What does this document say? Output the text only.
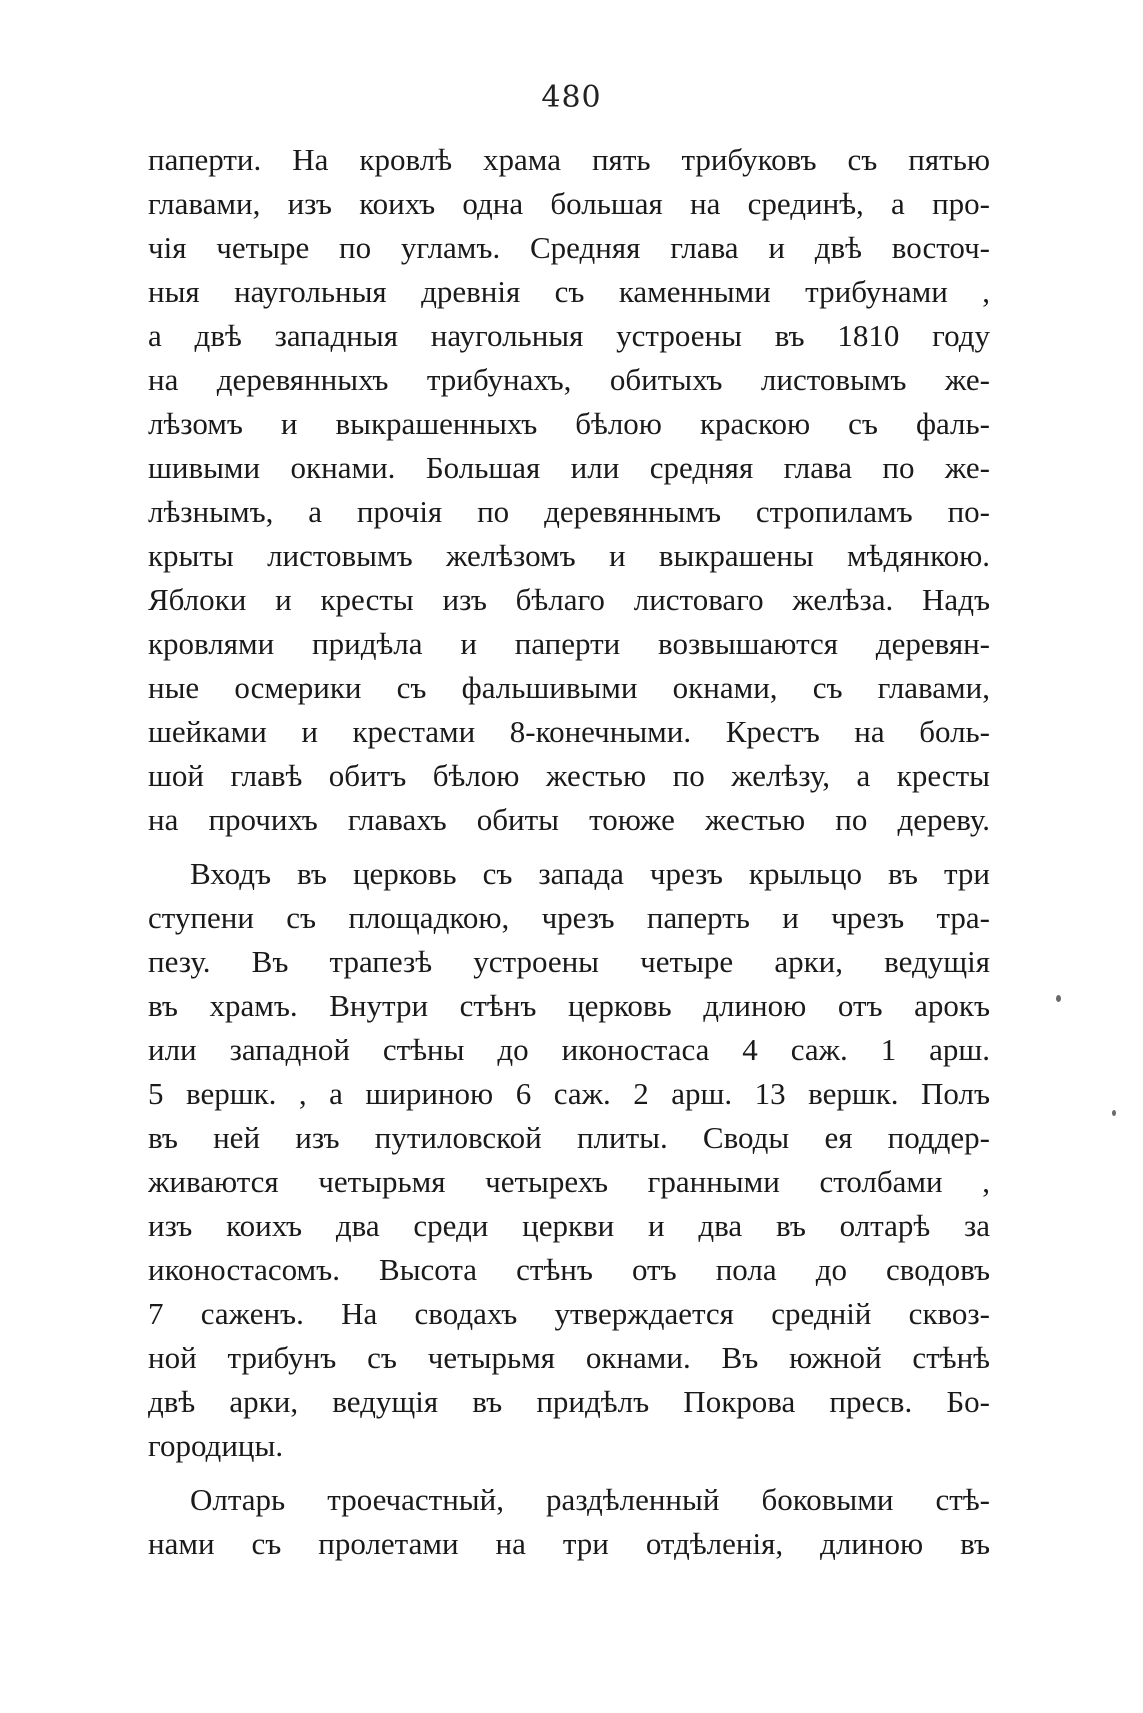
480
паперти. На кровлѣ храма пять трибуковъ съ пятью
главами, изъ коихъ одна большая на срединѣ, а про-
чія четыре по угламъ. Средняя глава и двѣ восточ-
ныя наугольныя древнія съ каменными трибунами ,
а двѣ западныя наугольныя устроены въ 1810 году
на деревянныхъ трибунахъ, обитыхъ листовымъ же-
лѣзомъ и выкрашенныхъ бѣлою краскою съ фаль-
шивыми окнами. Большая или средняя глава по же-
лѣзнымъ, а прочія по деревяннымъ стропиламъ по-
крыты листовымъ желѣзомъ и выкрашены мѣдянкою.
Яблоки и кресты изъ бѣлаго листоваго желѣза. Надъ
кровлями придѣла и паперти возвышаются деревян-
ные осмерики съ фальшивыми окнами, съ главами,
шейками и крестами 8-конечными. Крестъ на боль-
шой главѣ обитъ бѣлою жестью по желѣзу, а кресты
на прочихъ главахъ обиты тоюже жестью по дереву.
Входъ въ церковь съ запада чрезъ крыльцо въ три
ступени съ площадкою, чрезъ паперть и чрезъ тра-
пезу. Въ трапезѣ устроены четыре арки, ведущія
въ храмъ. Внутри стѣнъ церковь длиною отъ арокъ
или западной стѣны до иконостаса 4 саж. 1 арш.
5 вершк. , а шириною 6 саж. 2 арш. 13 вершк. Полъ
въ ней изъ путиловской плиты. Своды ея поддер-
живаются четырьмя четырехъ гранными столбами ,
изъ коихъ два среди церкви и два въ олтарѣ за
иконостасомъ. Высота стѣнъ отъ пола до сводовъ
7 саженъ. На сводахъ утверждается средній сквоз-
ной трибунъ съ четырьмя окнами. Въ южной стѣнѣ
двѣ арки, ведущія въ придѣлъ Покрова пресв. Бо-
городицы.
Олтарь троечастный, раздѣленный боковыми стѣ-
нами съ пролетами на три отдѣленія, длиною въ
